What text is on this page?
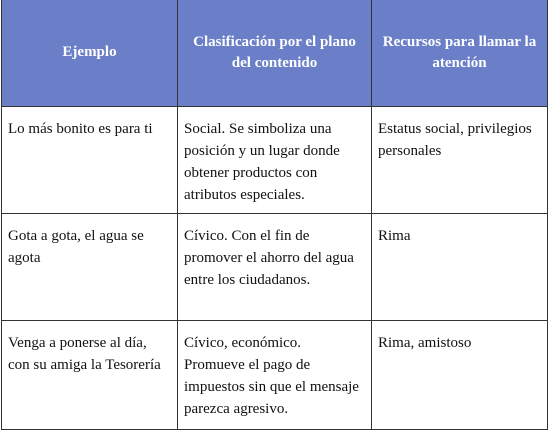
Ejemplo	Clasificación por el plano del contenido	Recursos para llamar la atención
Lo más bonito es para ti	Social. Se simboliza una posición y un lugar donde obtener productos con atributos especiales.	Estatus social, privilegios personales
Gota a gota, el agua se agota	Cívico. Con el fin de promover el ahorro del agua entre los ciudadanos.	Rima
Venga a ponerse al día, con su amiga la Tesorería	Cívico, económico. Promueve el pago de impuestos sin que el mensaje parezca agresivo.	Rima, amistoso
